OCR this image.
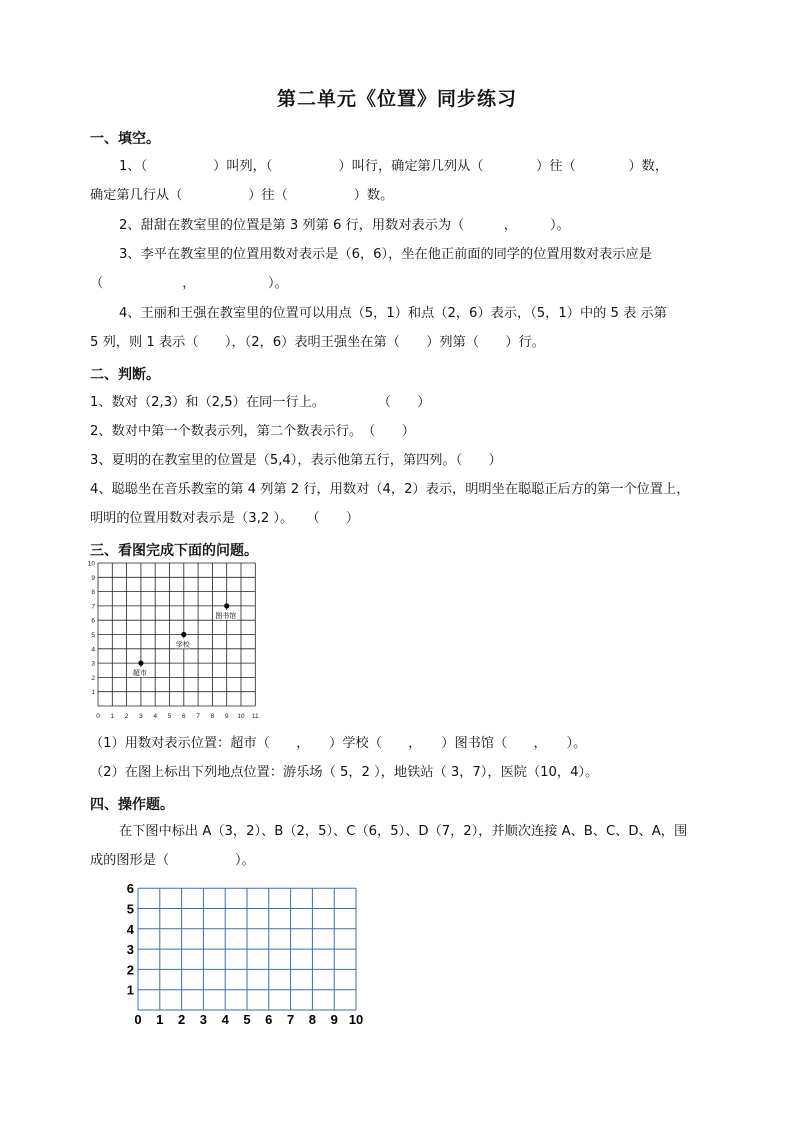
第二单元《位置》同步练习
一、填空。
1、（　　　　　）叫列，（　　　　　）叫行，确定第几列从（　　　　）往（　　　　）数，
确定第几行从（　　　　　）往（　　　　　）数。
2、甜甜在教室里的位置是第 3 列第 6 行，用数对表示为（　　　，　　　）。
3、李平在教室里的位置用数对表示是（6，6），坐在他正前面的同学的位置用数对表示应是
（　　　　　　，　　　　　　）。
4、王丽和王强在教室里的位置可以用点（5，1）和点（2，6）表示，（5，1）中的 5 表 示第
5 列，则 1 表示（　　），（2，6）表明王强坐在第（　　）列第（　　）行。
二、判断。
1、数对（2,3）和（2,5）在同一行上。　　　　　（　　）
2、数对中第一个数表示列，第二个数表示行。　（　　）
3、夏明的在教室里的位置是（5,4），表示他第五行，第四列。（　　）
4、聪聪坐在音乐教室的第 4 列第 2 行，用数对（4，2）表示，明明坐在聪聪正后方的第一个位置上，
明明的位置用数对表示是（3,2 ）。　　（　　）
三、看图完成下面的问题。
1
2
3
4
5
6
7
8
9
10
0 1 2 3 4 5 6 7 8 9 10 11
超市
学校
图书馆
（1）用数对表示位置：超市（　　，　　）学校（　　，　　）图书馆（　　，　　）。
（2）在图上标出下列地点位置：游乐场（ 5，2 ），地铁站（ 3，7），医院（10，4）。
四、操作题。
在下图中标出 A（3，2）、B（2，5）、C（6，5）、D（7，2），并顺次连接 A、B、C、D、A，围
成的图形是（　　　　　）。
1
2
3
4
5
6
0 1 2 3 4 5 6 7 8 9 10
